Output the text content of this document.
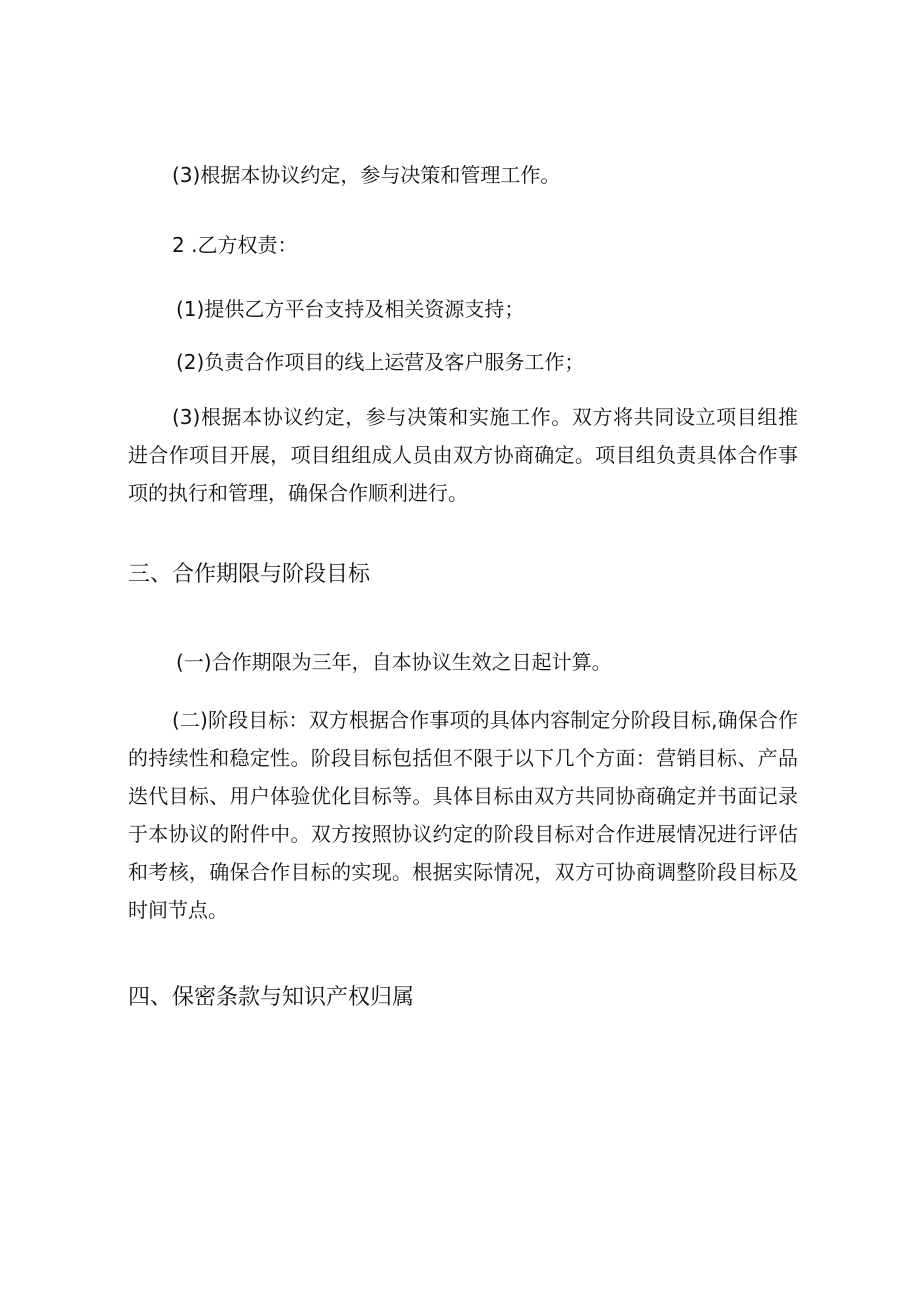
(3)根据本协议约定，参与决策和管理工作。
2 .乙方权责：
(1)提供乙方平台支持及相关资源支持；
(2)负责合作项目的线上运营及客户服务工作；
(3)根据本协议约定，参与决策和实施工作。双方将共同设立项目组推进合作项目开展，项目组组成人员由双方协商确定。项目组负责具体合作事项的执行和管理，确保合作顺利进行。
三、合作期限与阶段目标
(一)合作期限为三年，自本协议生效之日起计算。
(二)阶段目标：双方根据合作事项的具体内容制定分阶段目标,确保合作的持续性和稳定性。阶段目标包括但不限于以下几个方面：营销目标、产品迭代目标、用户体验优化目标等。具体目标由双方共同协商确定并书面记录于本协议的附件中。双方按照协议约定的阶段目标对合作进展情况进行评估和考核，确保合作目标的实现。根据实际情况，双方可协商调整阶段目标及时间节点。
四、保密条款与知识产权归属
